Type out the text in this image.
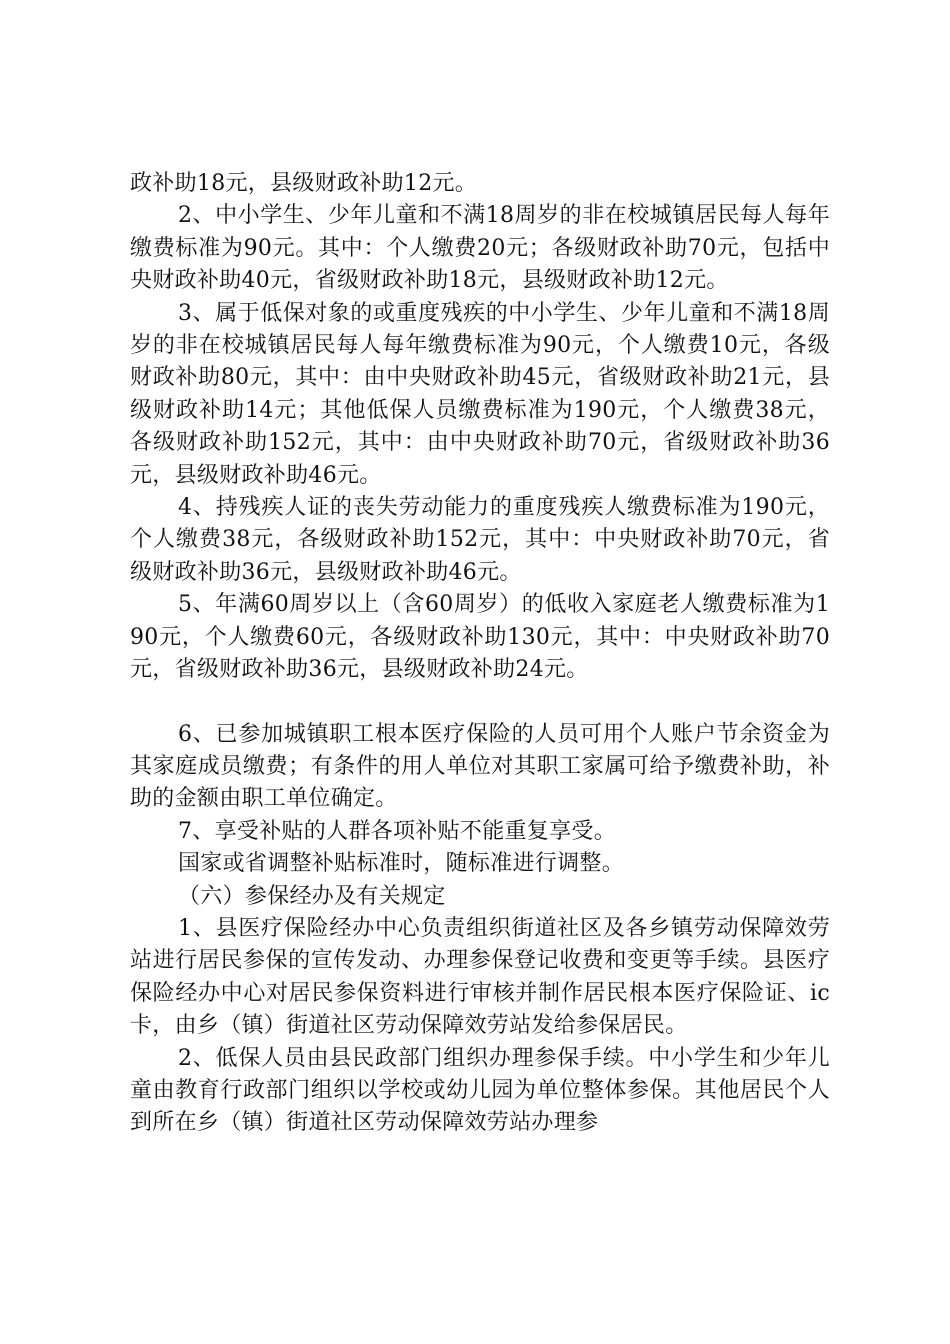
政补助18元，县级财政补助12元。

2、中小学生、少年儿童和不满18周岁的非在校城镇居民每人每年缴费标准为90元。其中：个人缴费20元；各级财政补助70元，包括中央财政补助40元，省级财政补助18元，县级财政补助12元。

3、属于低保对象的或重度残疾的中小学生、少年儿童和不满18周岁的非在校城镇居民每人每年缴费标准为90元，个人缴费10元，各级财政补助80元，其中：由中央财政补助45元，省级财政补助21元，县级财政补助14元；其他低保人员缴费标准为190元，个人缴费38元，各级财政补助152元，其中：由中央财政补助70元，省级财政补助36元，县级财政补助46元。

4、持残疾人证的丧失劳动能力的重度残疾人缴费标准为190元，个人缴费38元，各级财政补助152元，其中：中央财政补助70元，省级财政补助36元，县级财政补助46元。

5、年满60周岁以上（含60周岁）的低收入家庭老人缴费标准为190元，个人缴费60元，各级财政补助130元，其中：中央财政补助70元，省级财政补助36元，县级财政补助24元。

6、已参加城镇职工根本医疗保险的人员可用个人账户节余资金为其家庭成员缴费；有条件的用人单位对其职工家属可给予缴费补助，补助的金额由职工单位确定。

7、享受补贴的人群各项补贴不能重复享受。

国家或省调整补贴标准时，随标准进行调整。

（六）参保经办及有关规定

1、县医疗保险经办中心负责组织街道社区及各乡镇劳动保障效劳站进行居民参保的宣传发动、办理参保登记收费和变更等手续。县医疗保险经办中心对居民参保资料进行审核并制作居民根本医疗保险证、ic卡，由乡（镇）街道社区劳动保障效劳站发给参保居民。

2、低保人员由县民政部门组织办理参保手续。中小学生和少年儿童由教育行政部门组织以学校或幼儿园为单位整体参保。其他居民个人到所在乡（镇）街道社区劳动保障效劳站办理参
